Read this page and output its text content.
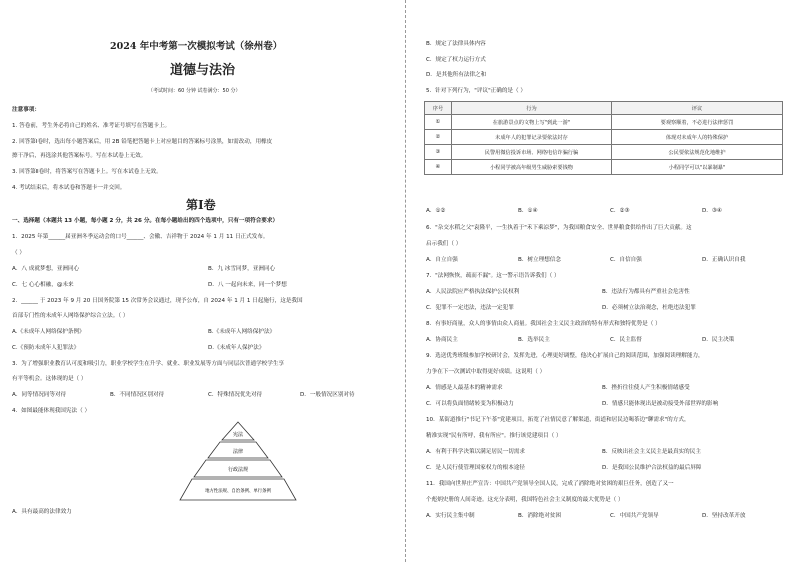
2024 年中考第一次模拟考试（徐州卷）
道德与法治
（考试时间：60 分钟 试卷满分：50 分）
注意事项：
1. 答卷前，考生务必将自己的姓名、准考证号填写在答题卡上。
2. 回答第Ⅰ卷时，选出每小题答案后，用 2B 铅笔把答题卡上对应题目的答案标号涂黑，如需改动，用橡皮
擦干净后，再选涂其他答案标号。写在本试卷上无效。
3. 回答第Ⅱ卷时，将答案写在答题卡上。写在本试卷上无效。
4. 考试结束后，将本试卷和答题卡一并交回。
第Ⅰ卷
一、选择题（本题共 13 小题，每小题 2 分，共 26 分。在每小题给出的四个选项中，只有一项符合要求）
1．2025 年第______届亚洲冬季运动会的口号______、会徽、吉祥物于 2024 年 1 月 11 日正式发布。
（ ）
A．八 成就梦想，亚洲同心	B．九 冰雪同梦，亚洲同心
C．七 心心相融，@未来	D．八 一起向未来，同一个梦想
2．______ 于 2023 年 9 月 20 日国务院第 15 次常务会议通过，现予公布，自 2024 年 1 月 1 日起施行，这是我国
首部专门性的未成年人网络保护综合立法。（ ）
A.《未成年人网络保护条例》	B.《未成年人网络保护法》
C.《预防未成年人犯罪法》	D.《未成年人保护法》
3．为了增强职业教育认可度和吸引力，职业学校学生在升学、就业、职业发展等方面与同层次普通学校学生享
有平等机会。这体现的是（ ）
A．同等情况同等对待	B．不同情况区别对待	C．特殊情况优先对待	D．一般情况区别对待
4．如图最能体现我国宪法（ ）
宪法
法律
行政法规
地方性法规、自治条例、单行条例
A．具有最高的法律效力
B．规定了法律具体内容
C．规定了权力运行方式
D．是其他所有法律之和
5．针对下列行为，"评议"正确的是（ ）
序号	行为	评议
①	在旅游景点的文物上写"到此一游"	要观察顺着，不必进行法律惩罚
②	未成年人的犯罪记录要依法封存	体现对未成年人的特殊保护
③	民警用微信投诉市场、网络电信诈骗行骗	公民要依法规范化地维护
④	小程同学被高年级男生威胁索要钱物	小程同学可以"以暴制暴"
A．①②	B．①④	C．②③	D．③④
6．"杂交水稻之父"袁隆平，一生执着于"禾下乘凉梦"，为我国粮食安全、世界粮食供给作出了巨大贡献。这
启示我们（ ）
A．自立自强	B．树立理想信念	C．自信自强	D．正确认识自我
7．"法网恢恢，疏而不漏"。这一警示语告诉我们（ ）
A．人民法院应严格执法保护公民权利	B．违法行为都具有严重社会危害性
C．犯罪不一定违法，违法一定犯罪	D．必须树立法治观念，杜绝违法犯罪
8．有事好商量，众人的事情由众人商量。我国社会主义民主政治的特有形式和独特优势是（ ）
A．协商民主	B．选举民主	C．民主监督	D．民主决策
9．选送优秀班级参加学校研讨会，发挥先进，心理更好调整，他决心扩展自己的阅读范围，加强阅读理解能力，
力争在下一次测试中取得更好成绩。这说明（ ）
A．情感是人最基本的精神需求	B．挫折往往使人产生积极情绪感受
C．可以将负面情绪转变为积极动力	D．情感只能体现出是被动接受外部世界的影响
10．某街道推行"书记下午茶"党建项目，拓宽了社情民意了解渠道，街道和居民边喝茶边"聊需求"的方式，
精准实现"民有所呼，我有所应"。推行该党建项目（ ）
A．有利于科学决策以满足居民一切需求	B．反映出社会主义民主是最真实的民主
C．是人民行使管理国家权力的根本途径	D．是我国公民维护合法权益的最后屏障
11．我国向世界庄严宣告：中国共产党领导全国人民，完成了消除绝对贫困的艰巨任务，创造了又一
个彪炳史册的人间奇迹。这充分表明，我国特色社会主义制度的最大优势是（ ）
A．实行民主集中制	B．消除绝对贫困	C．中国共产党领导	D．坚持改革开放
